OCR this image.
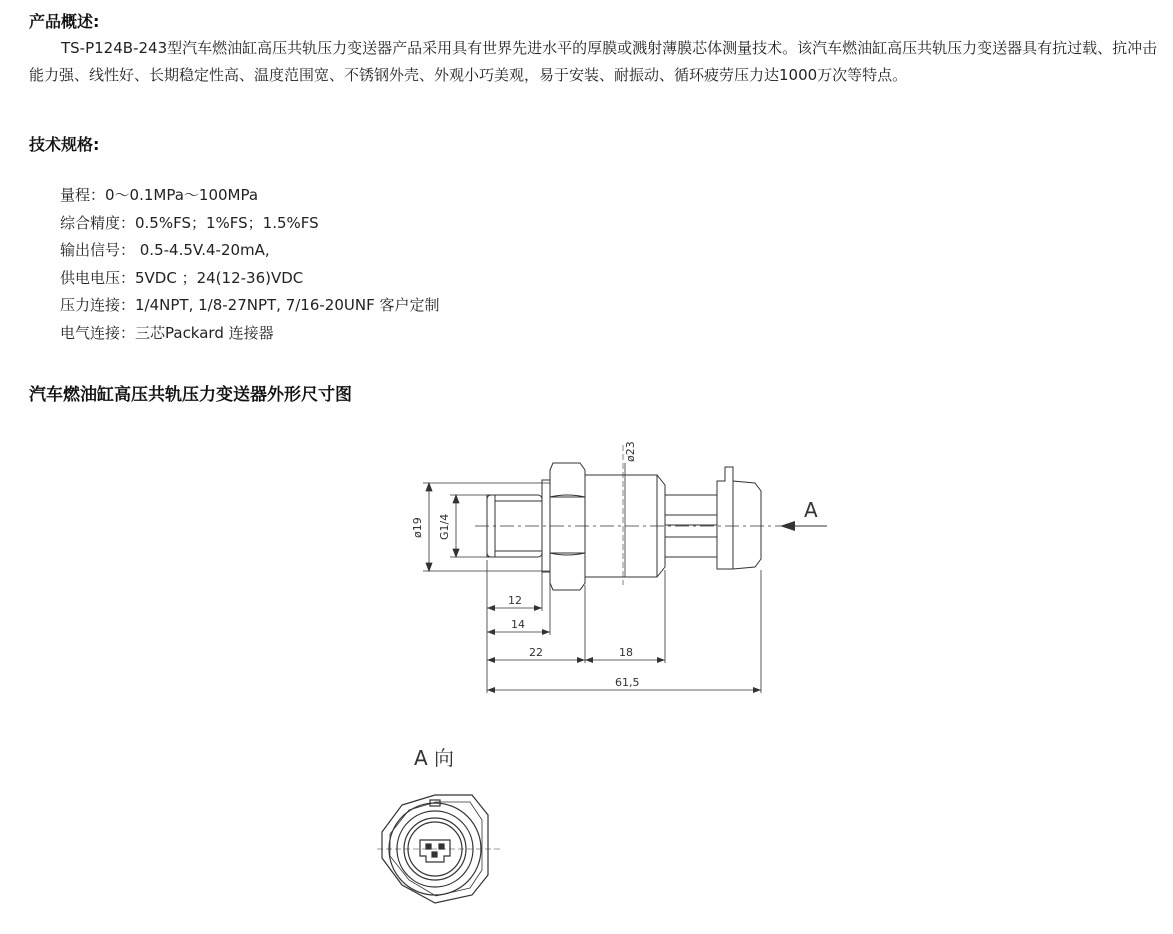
产品概述:
TS-P124B-243型汽车燃油缸高压共轨压力变送器产品采用具有世界先进水平的厚膜或溅射薄膜芯体测量技术。该汽车燃油缸高压共轨压力变送器具有抗过载、抗冲击能力强、线性好、长期稳定性高、温度范围宽、不锈钢外壳、外观小巧美观，易于安装、耐振动、循环疲劳压力达1000万次等特点。
技术规格:
量程：0～0.1MPa～100MPa
综合精度：0.5%FS；1%FS；1.5%FS
输出信号： 0.5-4.5V.4-20mA,
供电电压：5VDC ；24(12-36)VDC
压力连接：1/4NPT, 1/8-27NPT, 7/16-20UNF 客户定制
电气连接：三芯Packard 连接器
汽车燃油缸高压共轨压力变送器外形尺寸图
A
ø23
ø19 G1/4
12
14
22	18
61,5
A 向
